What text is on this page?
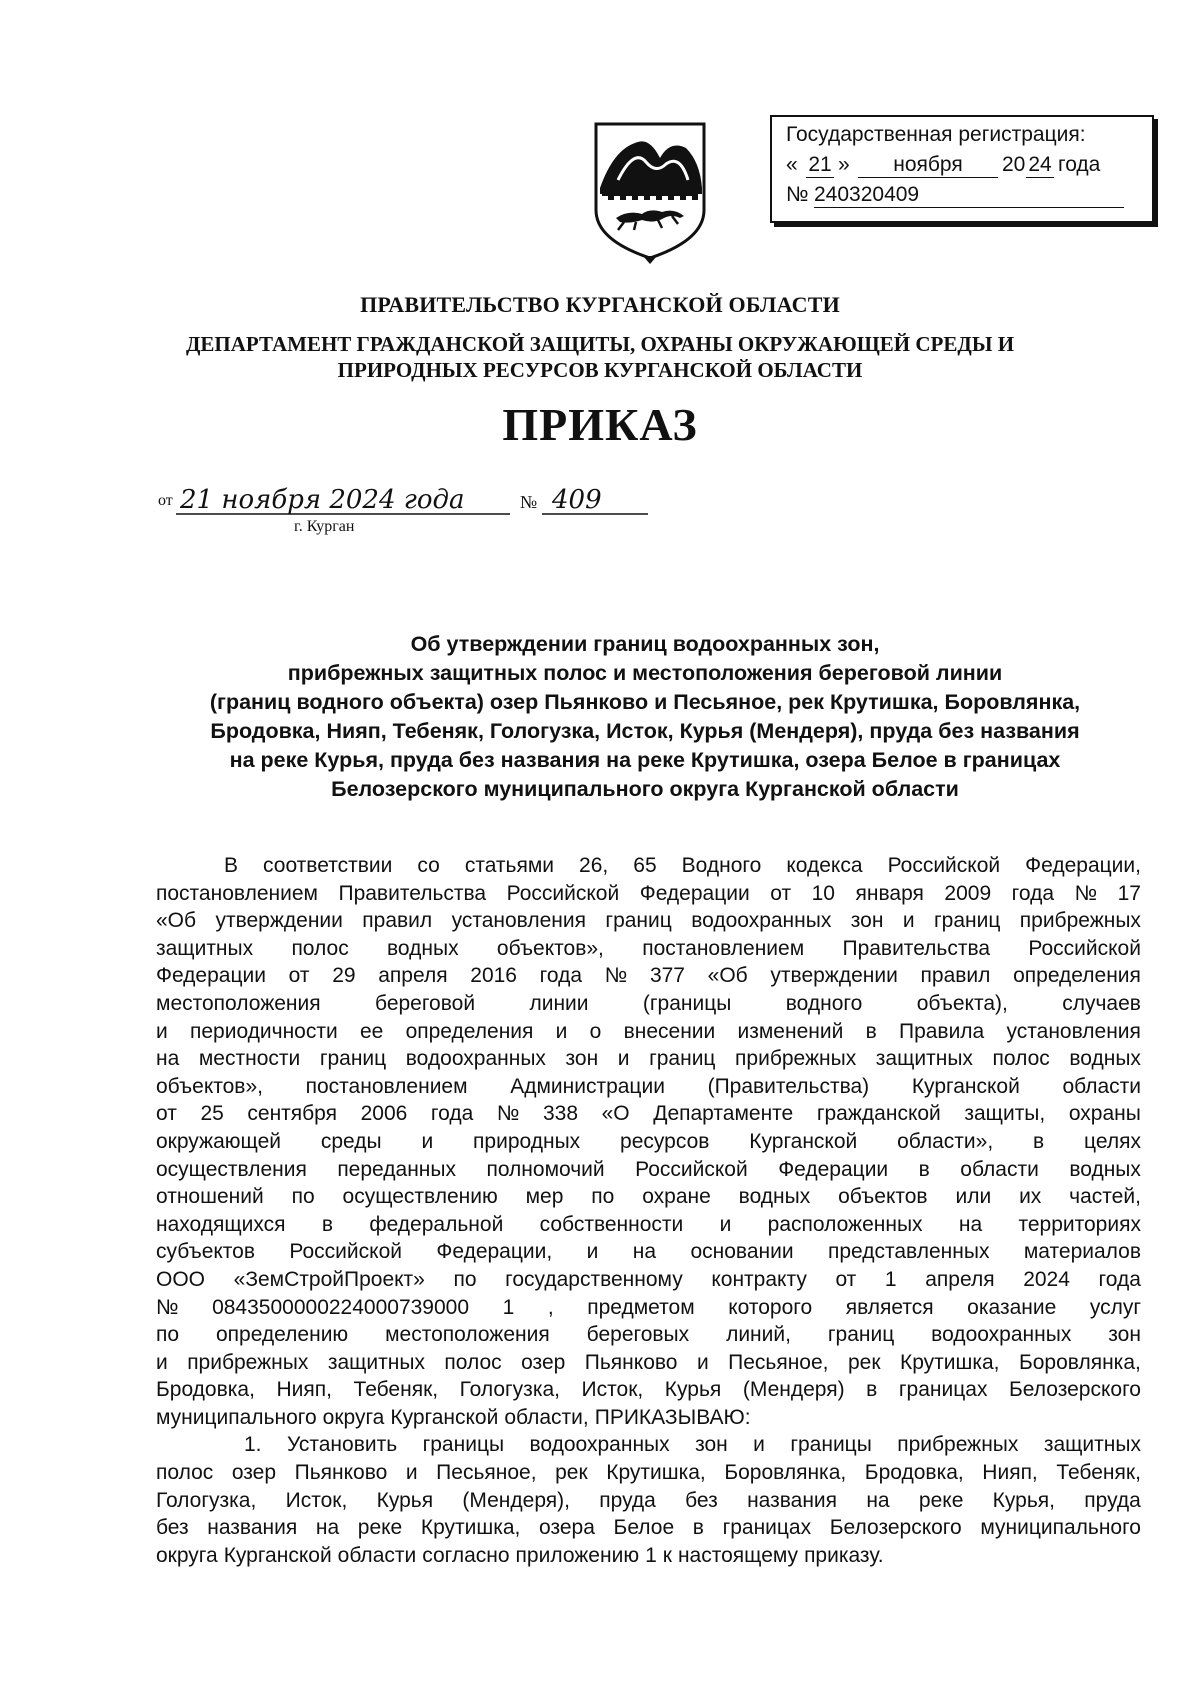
Государственная регистрация:
« 21 »	ноября	20 24 года
№ 240320409
ПРАВИТЕЛЬСТВО КУРГАНСКОЙ ОБЛАСТИ
ДЕПАРТАМЕНТ ГРАЖДАНСКОЙ ЗАЩИТЫ, ОХРАНЫ ОКРУЖАЮЩЕЙ СРЕДЫ И
ПРИРОДНЫХ РЕСУРСОВ КУРГАНСКОЙ ОБЛАСТИ
ПРИКАЗ
от 21 ноября 2024 года	409
№
г. Курган
Об утверждении границ водоохранных зон,
прибрежных защитных полос и местоположения береговой линии
(границ водного объекта) озер Пьянково и Песьяное, рек Крутишка, Боровлянка,
Бродовка, Нияп, Тебеняк, Гологузка, Исток, Курья (Мендеря), пруда без названия
на реке Курья, пруда без названия на реке Крутишка, озера Белое в границах
Белозерского муниципального округа Курганской области
В соответствии со статьями 26, 65 Водного кодекса Российской Федерации,
постановлением Правительства Российской Федерации от 10 января 2009 года № 17
«Об утверждении правил установления границ водоохранных зон и границ прибрежных
защитных полос водных объектов», постановлением Правительства Российской
Федерации от 29 апреля 2016 года № 377 «Об утверждении правил определения
местоположения	береговой	линии	(границы	водного	объекта),	случаев
и периодичности ее определения и о внесении изменений в Правила установления
на местности границ водоохранных зон и границ прибрежных защитных полос водных
объектов», постановлением Администрации (Правительства) Курганской области
от 25 сентября 2006 года № 338 «О Департаменте гражданской защиты, охраны
окружающей среды и природных ресурсов Курганской области», в целях
осуществления переданных полномочий Российской Федерации в области водных
отношений по осуществлению мер по охране водных объектов или их частей,
находящихся в федеральной собственности и расположенных на территориях
субъектов Российской Федерации, и на основании представленных материалов
ООО «ЗемСтройПроект» по государственному контракту от 1 апреля 2024 года
№ 0843500000224000739000 1 , предметом которого является оказание услуг
по определению местоположения береговых линий, границ водоохранных зон
и прибрежных защитных полос озер Пьянково и Песьяное, рек Крутишка, Боровлянка,
Бродовка, Нияп, Тебеняк, Гологузка, Исток, Курья (Мендеря) в границах Белозерского
муниципального округа Курганской области, ПРИКАЗЫВАЮ:
1. Установить границы водоохранных зон и границы прибрежных защитных
полос озер Пьянково и Песьяное, рек Крутишка, Боровлянка, Бродовка, Нияп, Тебеняк,
Гологузка, Исток, Курья (Мендеря), пруда без названия на реке Курья, пруда
без названия на реке Крутишка, озера Белое в границах Белозерского муниципального
округа Курганской области согласно приложению 1 к настоящему приказу.
